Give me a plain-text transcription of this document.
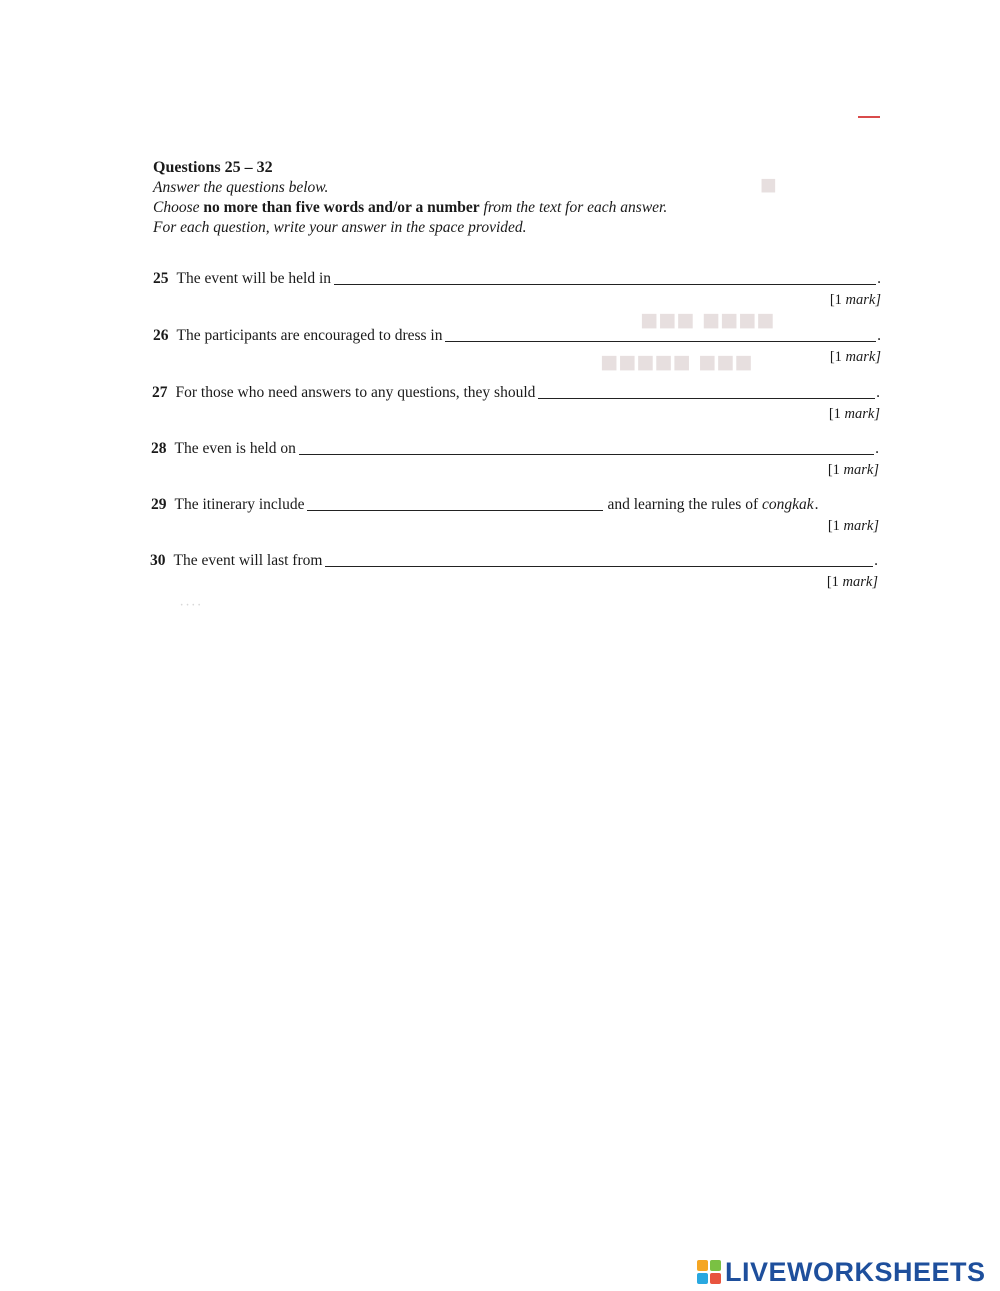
■
■■■ ■■■■
■■■■■ ■■■
Questions 25 – 32
Answer the questions below.
Choose no more than five words and/or a number from the text for each answer.
For each question, write your answer in the space provided.
25 The event will be held in	.
[1 mark]
26 The participants are encouraged to dress in	.
[1 mark]
27 For those who need answers to any questions, they should	.
[1 mark]
28 The even is held on	.
[1 mark]
29 The itinerary include	and learning the rules of congkak .
[1 mark]
30 The event will last from	.
[1 mark]
· · · ·
LIVEWORKSHEETS
